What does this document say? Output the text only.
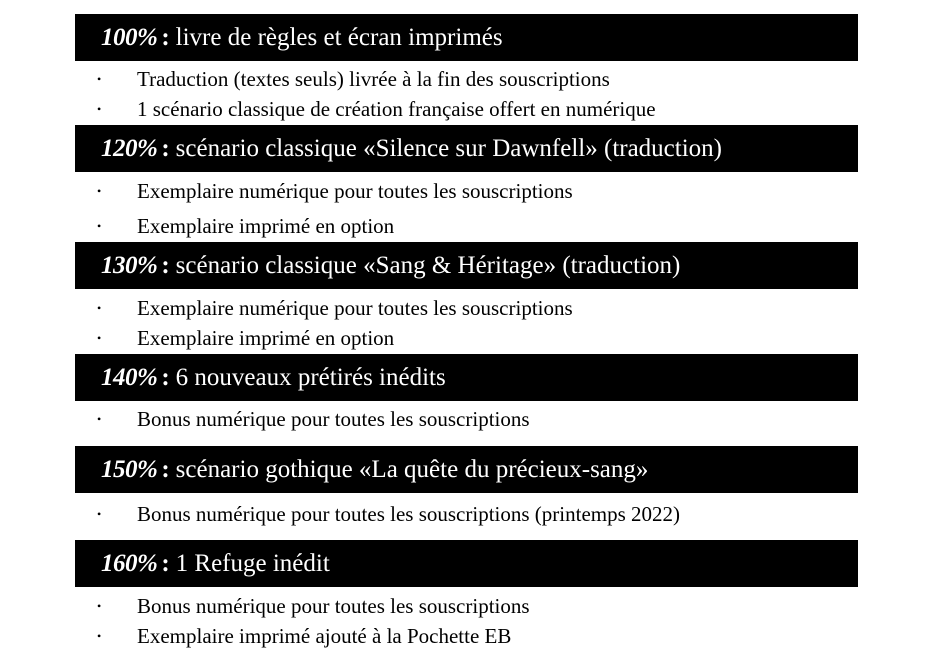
100% : livre de règles et écran imprimés
•	Traduction (textes seuls) livrée à la fin des souscriptions
•	1 scénario classique de création française offert en numérique
120% : scénario classique «Silence sur Dawnfell» (traduction)
•	Exemplaire numérique pour toutes les souscriptions
•	Exemplaire imprimé en option
130% : scénario classique «Sang & Héritage» (traduction)
•	Exemplaire numérique pour toutes les souscriptions
•	Exemplaire imprimé en option
140% : 6 nouveaux prétirés inédits
•	Bonus numérique pour toutes les souscriptions
150% : scénario gothique «La quête du précieux-sang»
•	Bonus numérique pour toutes les souscriptions (printemps 2022)
160% : 1 Refuge inédit
•	Bonus numérique pour toutes les souscriptions
•	Exemplaire imprimé ajouté à la Pochette EB
